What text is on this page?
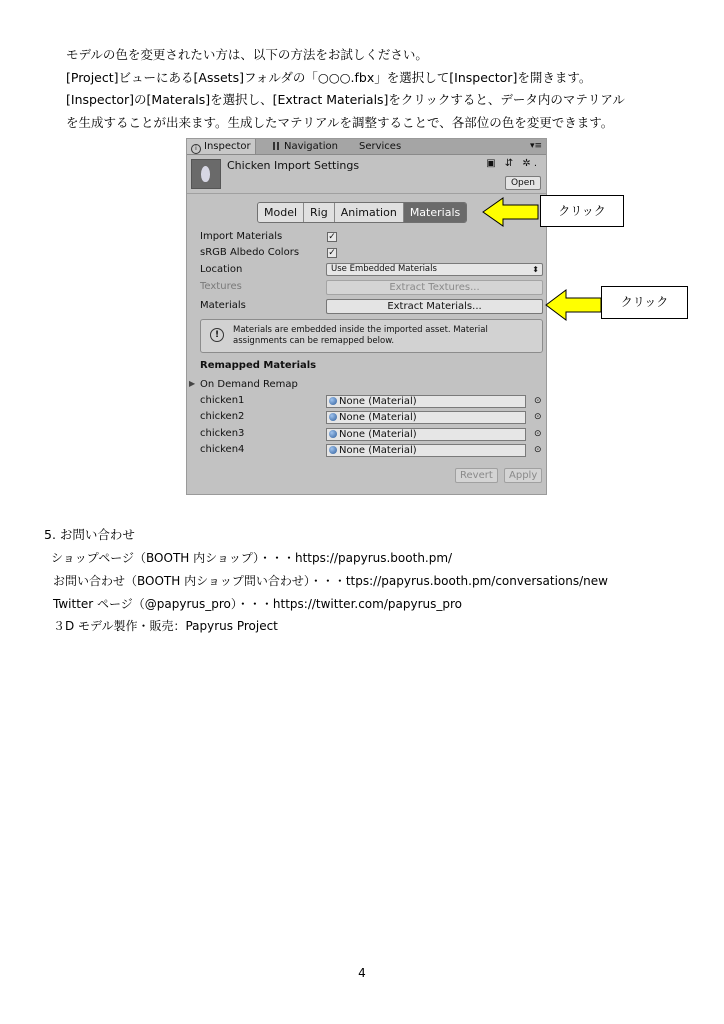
モデルの色を変更されたい方は、以下の方法をお試しください。

[Project]ビューにある[Assets]フォルダの「○○○.fbx」を選択して[Inspector]を開きます。

[Inspector]の[Materals]を選択し、[Extract Materials]をクリックすると、データ内のマテリアル

を生成することが出来ます。生成したマテリアルを調整することで、各部位の色を変更できます。

i Inspector	Navigation	Services	▾≡
Chicken Import Settings	▣ ⇵ ✲.
Open
Model	Rig	Animation	Materials
Import Materials	✓
sRGB Albedo Colors	✓
Location	Use Embedded Materials	⬍
Textures	Extract Textures...
Materials	Extract Materials...
!	Materials are embedded inside the imported asset. Material assignments can be remapped below.
Remapped Materials
▶ On Demand Remap
chicken1	None (Material)	⊙
chicken2	None (Material)	⊙
chicken3	None (Material)	⊙
chicken4	None (Material)	⊙
Revert	Apply
クリック
クリック
5. お問い合わせ
ショップページ（BOOTH 内ショップ）・・・https://papyrus.booth.pm/
お問い合わせ（BOOTH 内ショップ問い合わせ）・・・ttps://papyrus.booth.pm/conversations/new
Twitter ページ（@papyrus_pro）・・・https://twitter.com/papyrus_pro
３D モデル製作・販売：Papyrus Project
4
